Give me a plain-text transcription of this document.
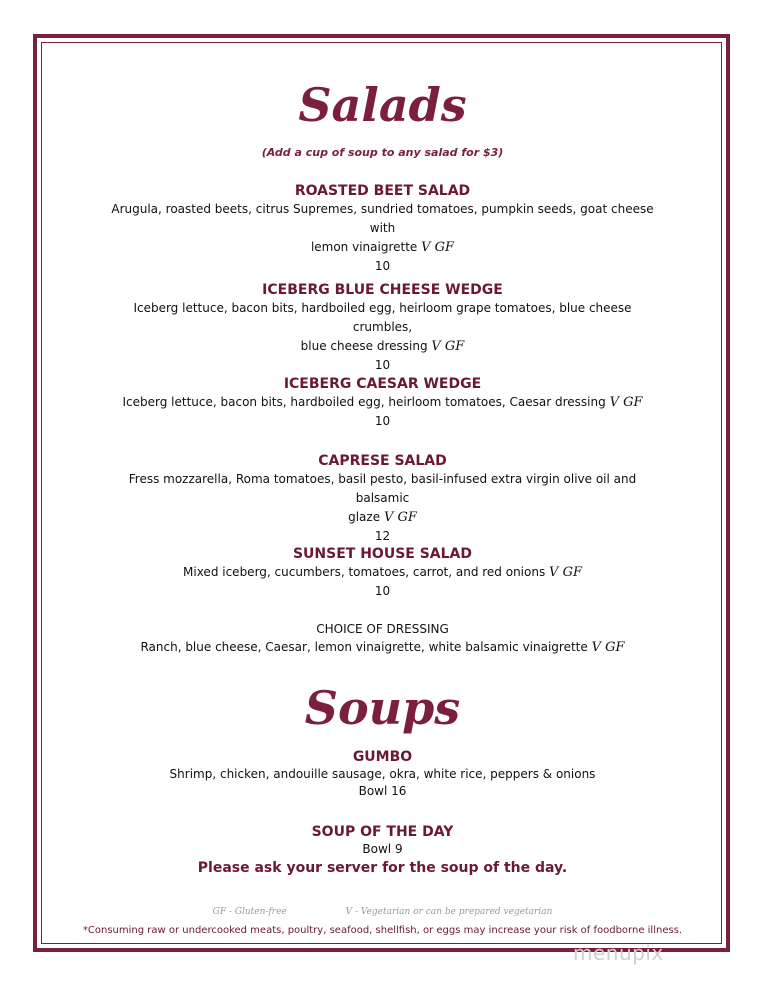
Salads
(Add a cup of soup to any salad for $3)
ROASTED BEET SALAD
Arugula, roasted beets, citrus Supremes, sundried tomatoes, pumpkin seeds, goat cheese with
lemon vinaigrette V GF
10
ICEBERG BLUE CHEESE WEDGE
Iceberg lettuce, bacon bits, hardboiled egg, heirloom grape tomatoes, blue cheese crumbles,
blue cheese dressing V GF
10
ICEBERG CAESAR WEDGE
Iceberg lettuce, bacon bits, hardboiled egg, heirloom tomatoes, Caesar dressing V GF
10
CAPRESE SALAD
Fress mozzarella, Roma tomatoes, basil pesto, basil-infused extra virgin olive oil and balsamic
glaze V GF
12
SUNSET HOUSE SALAD
Mixed iceberg, cucumbers, tomatoes, carrot, and red onions V GF
10
CHOICE OF DRESSING
Ranch, blue cheese, Caesar, lemon vinaigrette, white balsamic vinaigrette V GF
Soups
GUMBO
Shrimp, chicken, andouille sausage, okra, white rice, peppers & onions
Bowl 16
SOUP OF THE DAY
Bowl 9
Please ask your server for the soup of the day.
GF - Gluten-free	V - Vegetarian or can be prepared vegetarian
*Consuming raw or undercooked meats, poultry, seafood, shellfish, or eggs may increase your risk of foodborne illness.
menupix
